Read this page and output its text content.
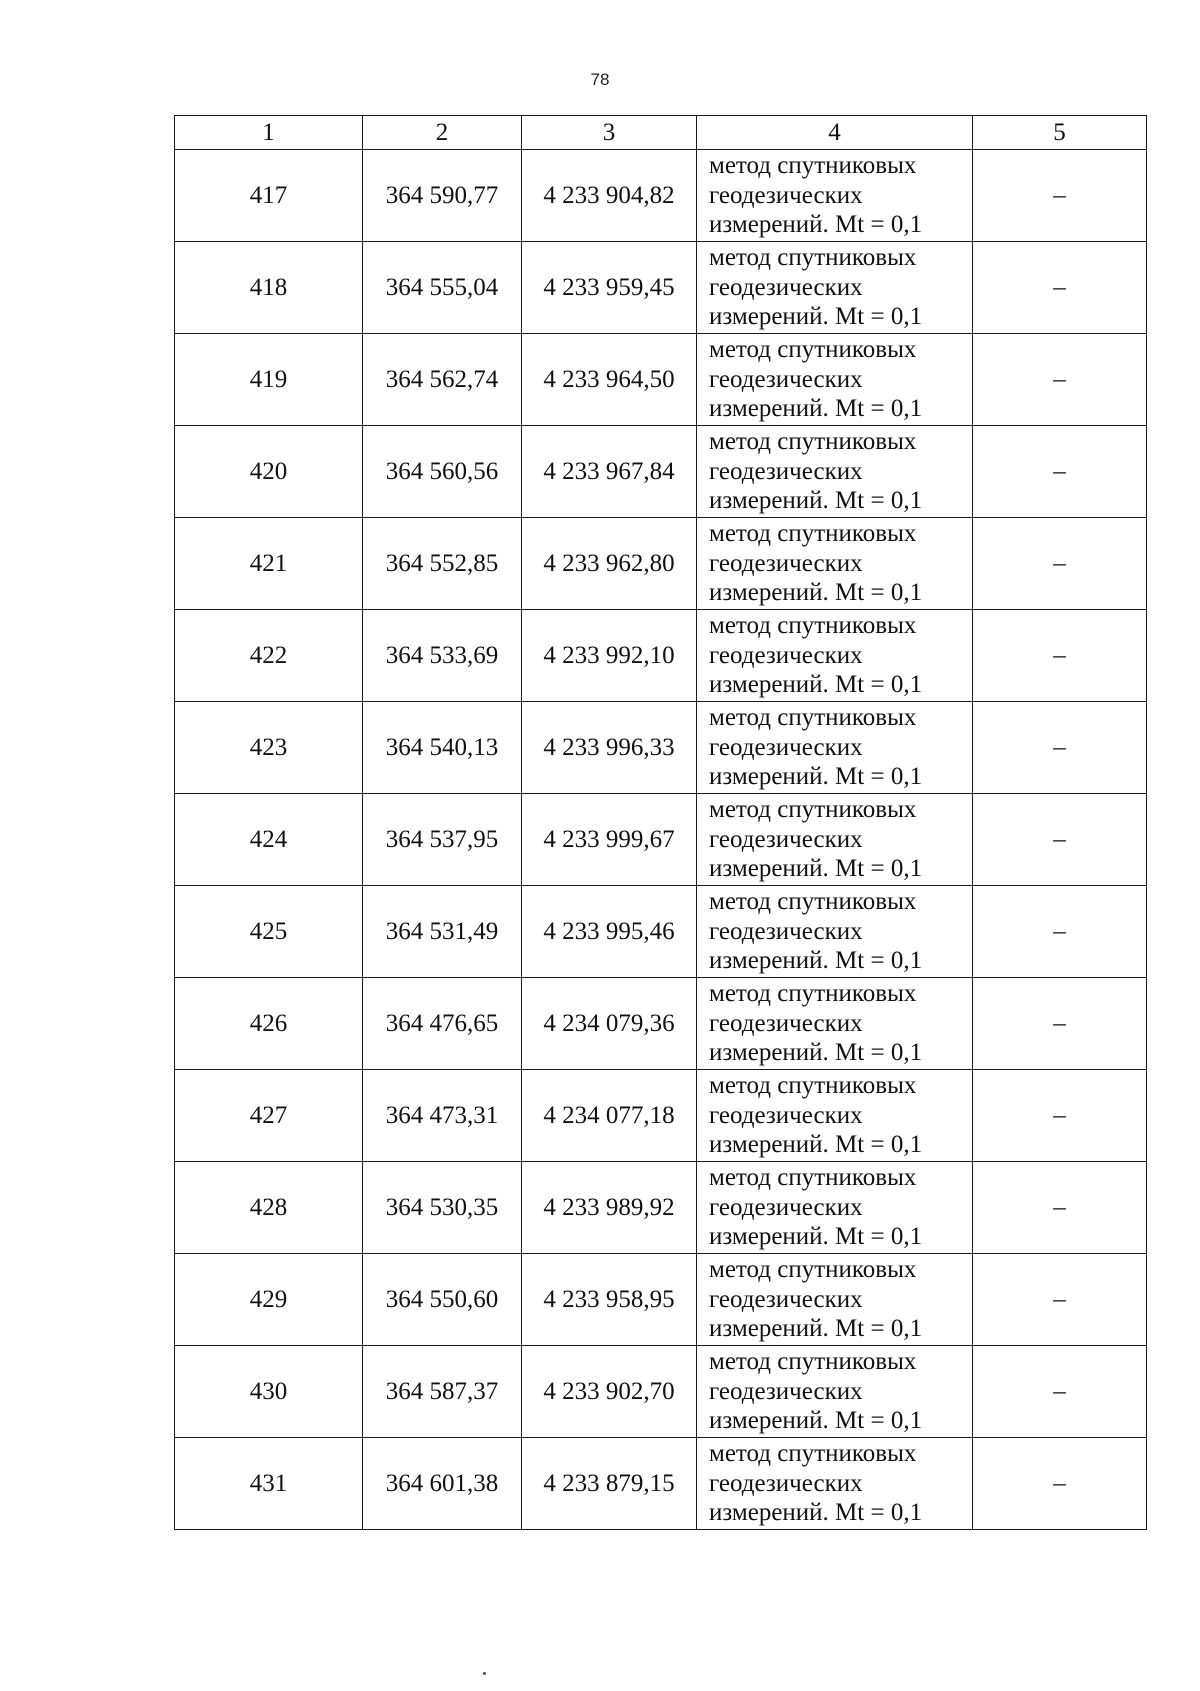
78
1	2	3	4	5
417	364 590,77	4 233 904,82	метод спутниковых
геодезических
измерений. Mt = 0,1	–
418	364 555,04	4 233 959,45	метод спутниковых
геодезических
измерений. Mt = 0,1	–
419	364 562,74	4 233 964,50	метод спутниковых
геодезических
измерений. Mt = 0,1	–
420	364 560,56	4 233 967,84	метод спутниковых
геодезических
измерений. Mt = 0,1	–
421	364 552,85	4 233 962,80	метод спутниковых
геодезических
измерений. Mt = 0,1	–
422	364 533,69	4 233 992,10	метод спутниковых
геодезических
измерений. Mt = 0,1	–
423	364 540,13	4 233 996,33	метод спутниковых
геодезических
измерений. Mt = 0,1	–
424	364 537,95	4 233 999,67	метод спутниковых
геодезических
измерений. Mt = 0,1	–
425	364 531,49	4 233 995,46	метод спутниковых
геодезических
измерений. Mt = 0,1	–
426	364 476,65	4 234 079,36	метод спутниковых
геодезических
измерений. Mt = 0,1	–
427	364 473,31	4 234 077,18	метод спутниковых
геодезических
измерений. Mt = 0,1	–
428	364 530,35	4 233 989,92	метод спутниковых
геодезических
измерений. Mt = 0,1	–
429	364 550,60	4 233 958,95	метод спутниковых
геодезических
измерений. Mt = 0,1	–
430	364 587,37	4 233 902,70	метод спутниковых
геодезических
измерений. Mt = 0,1	–
431	364 601,38	4 233 879,15	метод спутниковых
геодезических
измерений. Mt = 0,1	–
